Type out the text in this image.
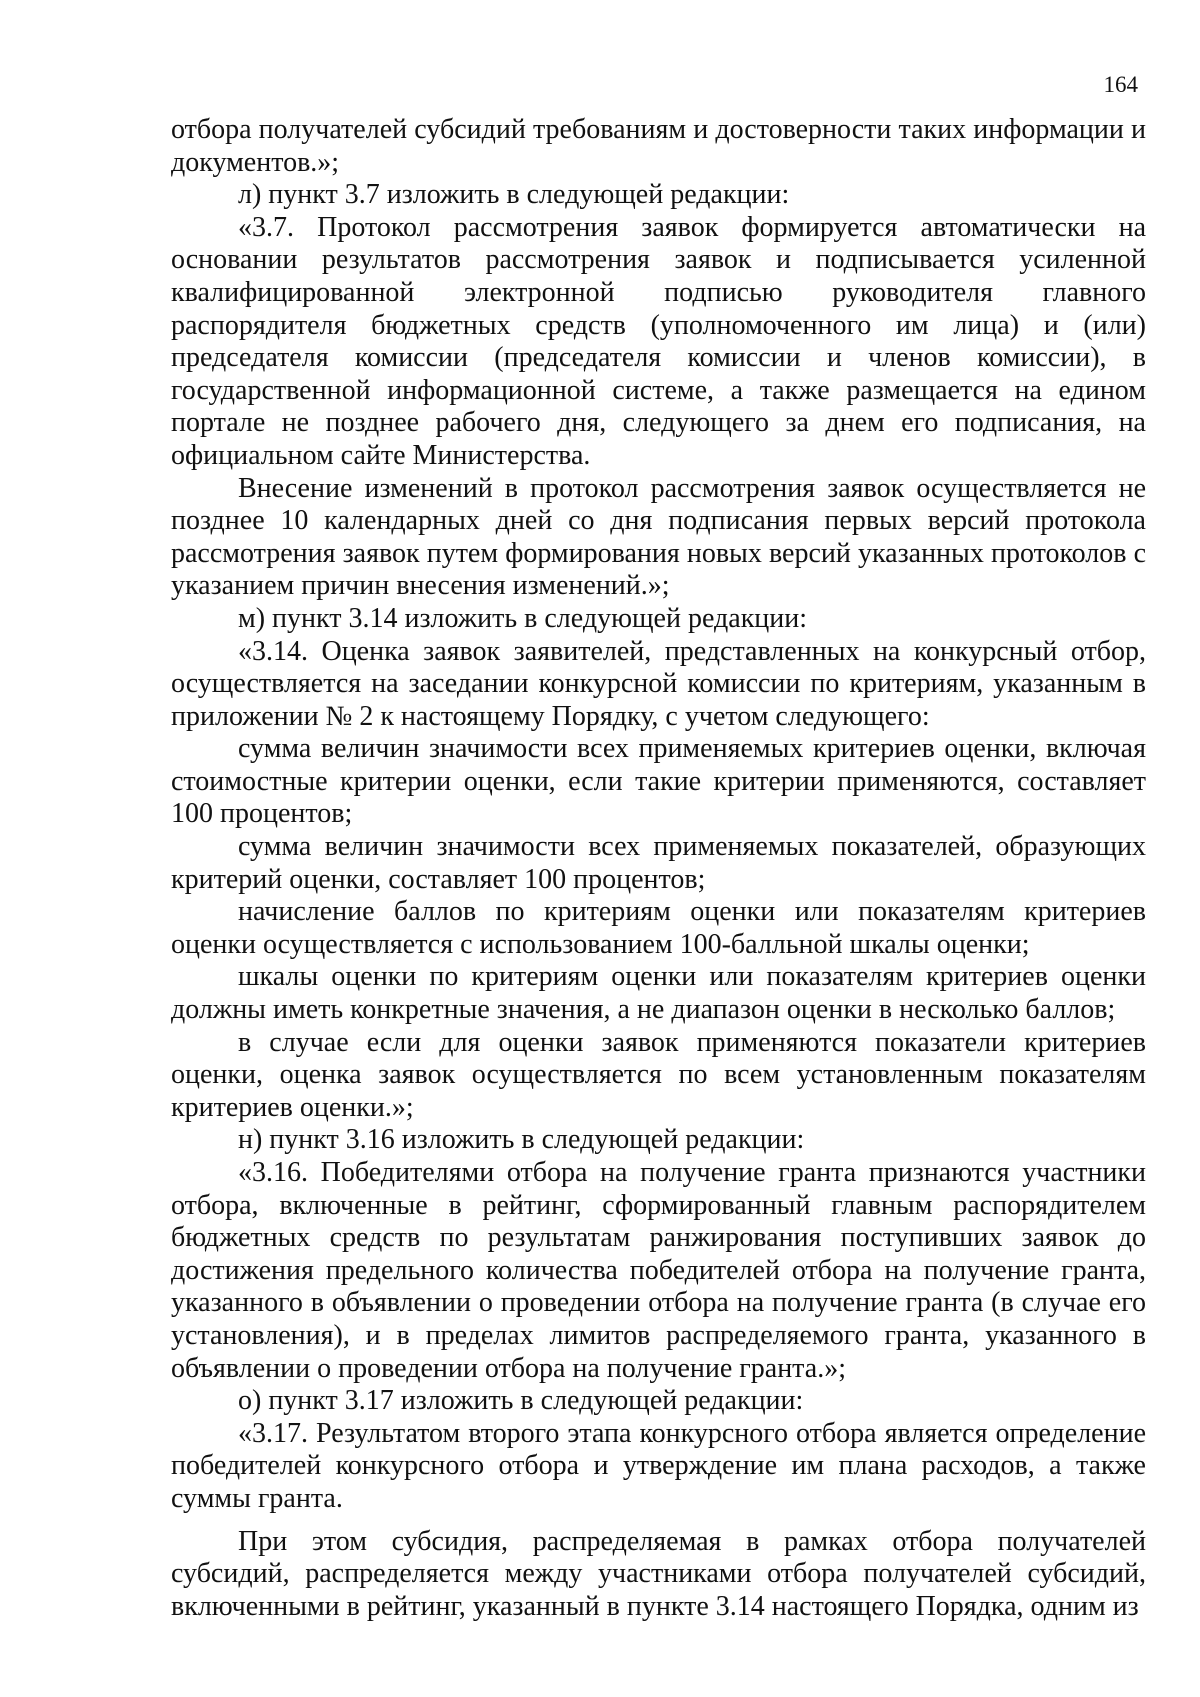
164

отбора получателей субсидий требованиям и достоверности таких информации и документов.»;

л) пункт 3.7 изложить в следующей редакции:

«3.7. Протокол рассмотрения заявок формируется автоматически на основании результатов рассмотрения заявок и подписывается усиленной квалифицированной электронной подписью руководителя главного распорядителя бюджетных средств (уполномоченного им лица) и (или) председателя комиссии (председателя комиссии и членов комиссии), в государственной информационной системе, а также размещается на едином портале не позднее рабочего дня, следующего за днем его подписания, на официальном сайте Министерства.

Внесение изменений в протокол рассмотрения заявок осуществляется не позднее 10 календарных дней со дня подписания первых версий протокола рассмотрения заявок путем формирования новых версий указанных протоколов с указанием причин внесения изменений.»;

м) пункт 3.14 изложить в следующей редакции:

«3.14. Оценка заявок заявителей, представленных на конкурсный отбор, осуществляется на заседании конкурсной комиссии по критериям, указанным в приложении № 2 к настоящему Порядку, с учетом следующего:

сумма величин значимости всех применяемых критериев оценки, включая стоимостные критерии оценки, если такие критерии применяются, составляет 100 процентов;

сумма величин значимости всех применяемых показателей, образующих критерий оценки, составляет 100 процентов;

начисление баллов по критериям оценки или показателям критериев оценки осуществляется с использованием 100-балльной шкалы оценки;

шкалы оценки по критериям оценки или показателям критериев оценки должны иметь конкретные значения, а не диапазон оценки в несколько баллов;

в случае если для оценки заявок применяются показатели критериев оценки, оценка заявок осуществляется по всем установленным показателям критериев оценки.»;

н) пункт 3.16 изложить в следующей редакции:

«3.16. Победителями отбора на получение гранта признаются участники отбора, включенные в рейтинг, сформированный главным распорядителем бюджетных средств по результатам ранжирования поступивших заявок до достижения предельного количества победителей отбора на получение гранта, указанного в объявлении о проведении отбора на получение гранта (в случае его установления), и в пределах лимитов распределяемого гранта, указанного в объявлении о проведении отбора на получение гранта.»;

о) пункт 3.17 изложить в следующей редакции:

«3.17. Результатом второго этапа конкурсного отбора является определение победителей конкурсного отбора и утверждение им плана расходов, а также суммы гранта.

При этом субсидия, распределяемая в рамках отбора получателей субсидий, распределяется между участниками отбора получателей субсидий, включенными в рейтинг, указанный в пункте 3.14 настоящего Порядка, одним из
